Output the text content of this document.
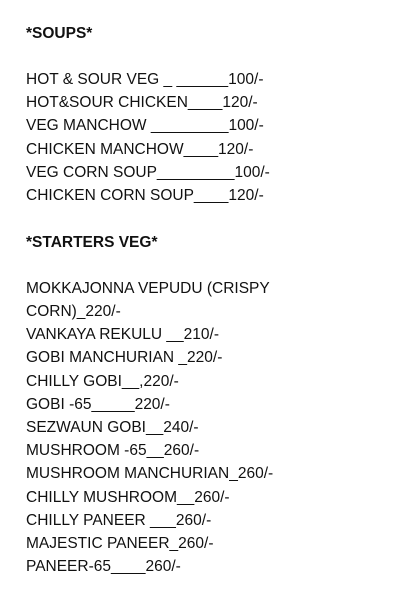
*SOUPS*

HOT & SOUR VEG _ ______100/-

HOT&SOUR CHICKEN____120/-

VEG MANCHOW _________100/-

CHICKEN MANCHOW____120/-

VEG CORN SOUP_________100/-

CHICKEN CORN SOUP____120/-

*STARTERS VEG*

MOKKAJONNA VEPUDU (CRISPY

CORN)_220/-

VANKAYA REKULU __210/-

GOBI MANCHURIAN _220/-

CHILLY GOBI__,220/-

GOBI -65_____220/-

SEZWAUN GOBI__240/-

MUSHROOM -65__260/-

MUSHROOM MANCHURIAN_260/-

CHILLY MUSHROOM__260/-

CHILLY PANEER ___260/-

MAJESTIC PANEER_260/-

PANEER-65____260/-
